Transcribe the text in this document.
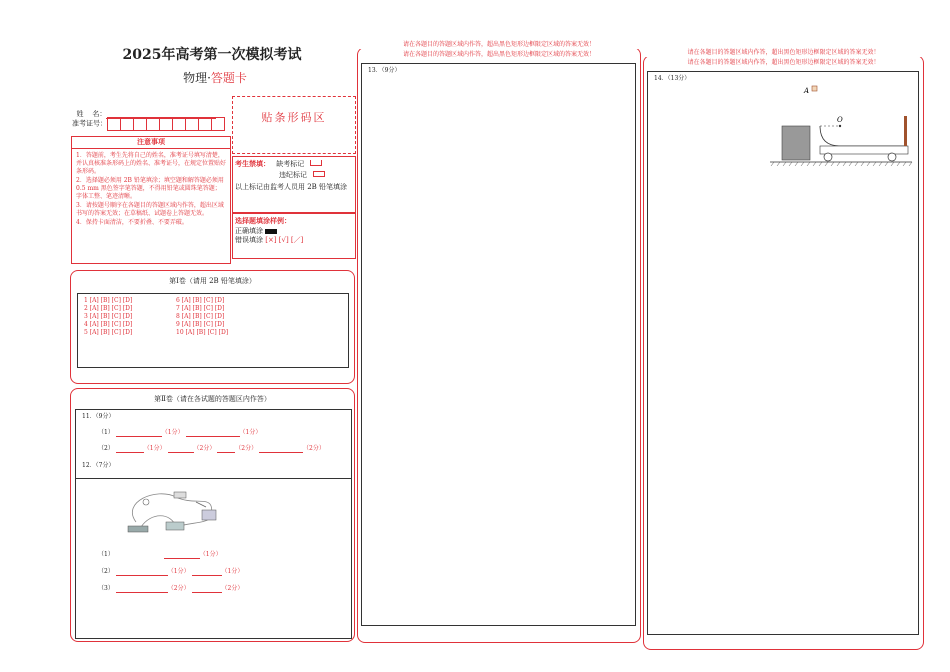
2025年高考第一次模拟考试
物理·答题卡

姓    名：

准考证号：	贴条形码区
注意事项
1．答题前，考生先将自己的姓名，准考证号填写清楚，并认真核准条形码上的姓名、准考证号，在规定位置贴好条形码。
2．选择题必须用 2B 铅笔填涂；填空题和解答题必须用 0.5 mm 黑色签字笔答题，不得用铅笔或圆珠笔答题；字体工整、笔迹清晰。
3．请按题号顺序在各题目的答题区域内作答，超出区域书写的答案无效；在草稿纸、试题卷上答题无效。
4．保持卡面清洁，不要折叠、不要弄破。
考生禁填： 缺考标记
违纪标记
以上标记由监考人员用 2B 铅笔填涂
选择题填涂样例：
正确填涂
错误填涂 [×] [√] [／]
第Ⅰ卷（请用 2B 铅笔填涂）
1 [A] [B] [C] [D]	6 [A] [B] [C] [D]
2 [A] [B] [C] [D]	7 [A] [B] [C] [D]
3 [A] [B] [C] [D]	8 [A] [B] [C] [D]
4 [A] [B] [C] [D]	9 [A] [B] [C] [D]
5 [A] [B] [C] [D]	10 [A] [B] [C] [D]
第Ⅱ卷（请在各试题的答题区内作答）
11．（9分）
（1）	（1分）	（1分）
（2）	（1分）	（2分）	（2分）	（2分）
12．（7分）
（1）	（1分）
（2）	（1分）	（1分）
（3）	（2分）	（2分）
请在各题目的答题区域内作答，超出黑色矩形边框限定区域的答案无效！
请在各题目的答题区域内作答，超出黑色矩形边框限定区域的答案无效！
13．（9分）
请在各题目的答题区域内作答，超出黑色矩形边框限定区域的答案无效！
请在各题目的答题区域内作答，超出黑色矩形边框限定区域的答案无效！
14．（13分）
A
O
